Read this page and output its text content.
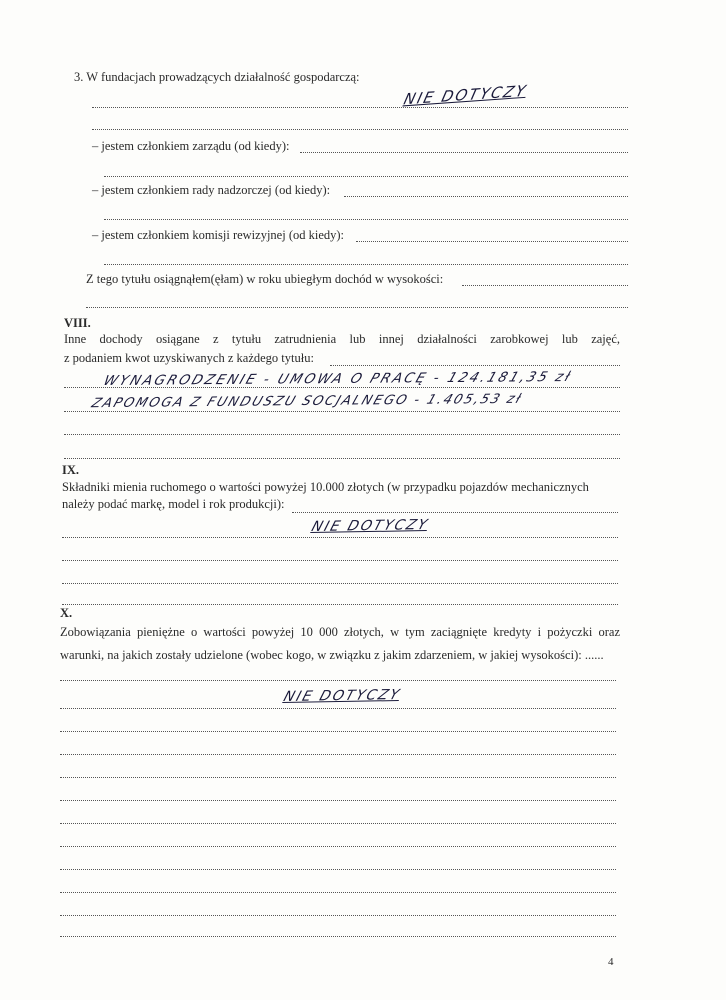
3. W fundacjach prowadzących działalność gospodarczą:
NIE DOTYCZY
– jestem członkiem zarządu (od kiedy):
– jestem członkiem rady nadzorczej (od kiedy):
– jestem członkiem komisji rewizyjnej (od kiedy):
Z tego tytułu osiągnąłem(ęłam) w roku ubiegłym dochód w wysokości:
VIII.
Inne dochody osiągane z tytułu zatrudnienia lub innej działalności zarobkowej lub zajęć,
z podaniem kwot uzyskiwanych z każdego tytułu:
WYNAGRODZENIE - UMOWA O PRACĘ - 124.181,35 zł
ZAPOMOGA Z FUNDUSZU SOCJALNEGO - 1.405,53 zł
IX.
Składniki mienia ruchomego o wartości powyżej 10.000 złotych (w przypadku pojazdów mechanicznych
należy podać markę, model i rok produkcji):
NIE DOTYCZY
X.
Zobowiązania pieniężne o wartości powyżej 10 000 złotych, w tym zaciągnięte kredyty i pożyczki oraz
warunki, na jakich zostały udzielone (wobec kogo, w związku z jakim zdarzeniem, w jakiej wysokości): ......
NIE DOTYCZY
4
